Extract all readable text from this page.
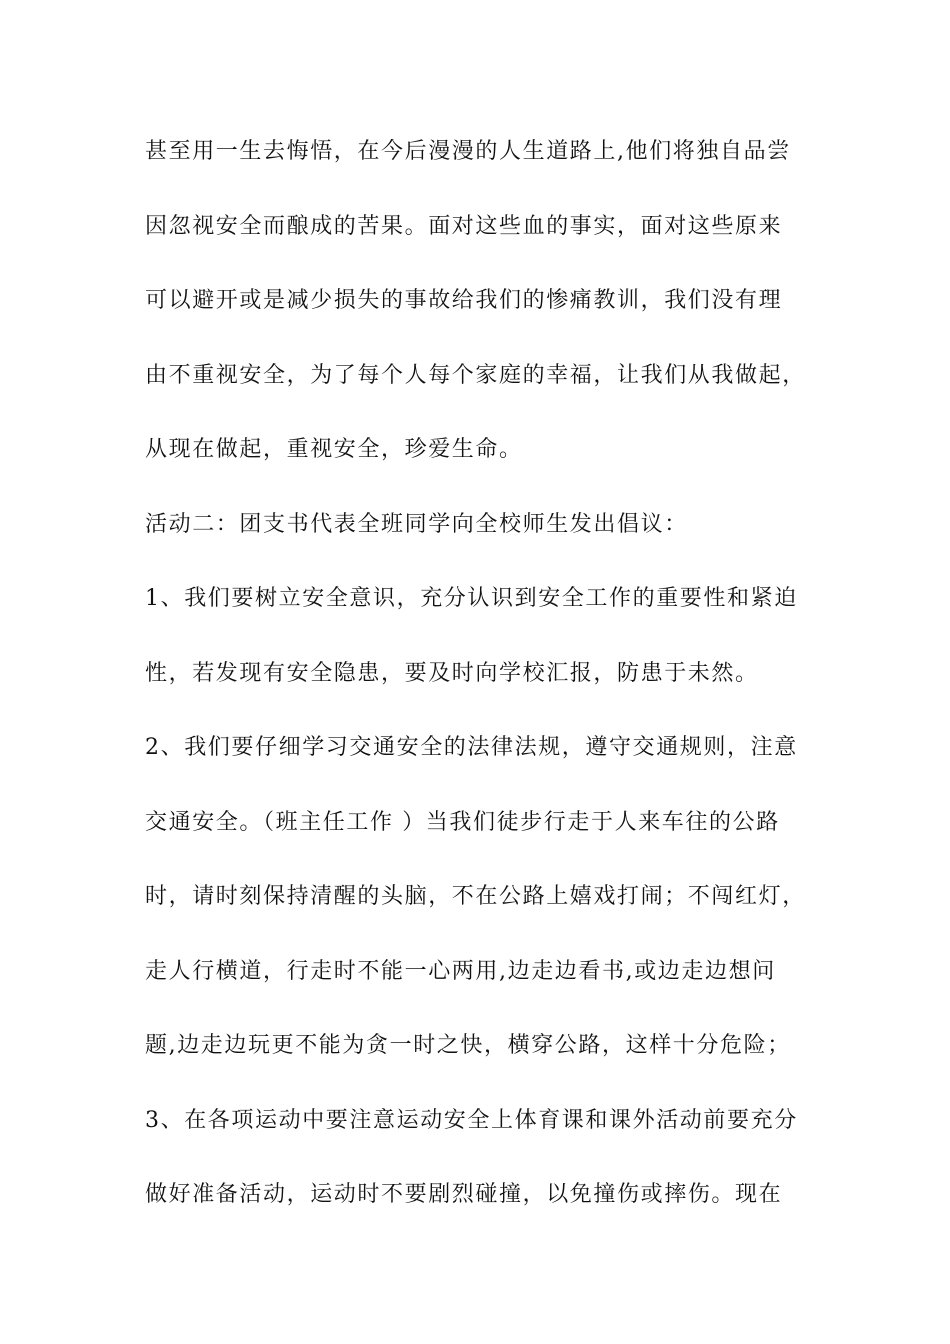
甚至用一生去悔悟，在今后漫漫的人生道路上,他们将独自品尝
因忽视安全而酿成的苦果。面对这些血的事实，面对这些原来
可以避开或是减少损失的事故给我们的惨痛教训，我们没有理
由不重视安全，为了每个人每个家庭的幸福，让我们从我做起，
从现在做起，重视安全，珍爱生命。
活动二：团支书代表全班同学向全校师生发出倡议：
1、我们要树立安全意识，充分认识到安全工作的重要性和紧迫
性，若发现有安全隐患，要及时向学校汇报，防患于未然。
2、我们要仔细学习交通安全的法律法规，遵守交通规则，注意
交通安全。（班主任工作 ）当我们徒步行走于人来车往的公路
时，请时刻保持清醒的头脑，不在公路上嬉戏打闹；不闯红灯，
走人行横道，行走时不能一心两用,边走边看书,或边走边想问
题,边走边玩更不能为贪一时之快，横穿公路，这样十分危险；
3、在各项运动中要注意运动安全上体育课和课外活动前要充分
做好准备活动，运动时不要剧烈碰撞，以免撞伤或摔伤。现在
